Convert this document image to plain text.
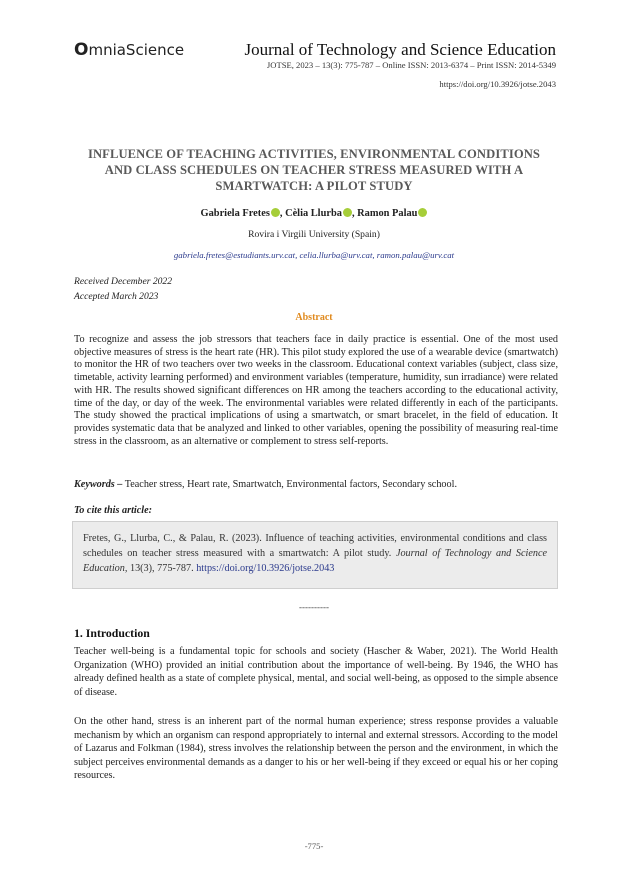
OmniaScience	Journal of Technology and Science Education
JOTSE, 2023 – 13(3): 775-787 – Online ISSN: 2013-6374 – Print ISSN: 2014-5349
https://doi.org/10.3926/jotse.2043
INFLUENCE OF TEACHING ACTIVITIES, ENVIRONMENTAL CONDITIONS AND CLASS SCHEDULES ON TEACHER STRESS MEASURED WITH A SMARTWATCH: A PILOT STUDY
Gabriela Fretes , Cèlia Llurba , Ramon Palau
Rovira i Virgili University (Spain)
gabriela.fretes@estudiants.urv.cat, celia.llurba@urv.cat, ramon.palau@urv.cat
Received December 2022
Accepted March 2023
Abstract
To recognize and assess the job stressors that teachers face in daily practice is essential. One of the most used objective measures of stress is the heart rate (HR). This pilot study explored the use of a wearable device (smartwatch) to monitor the HR of two teachers over two weeks in the classroom. Educational context variables (subject, class size, timetable, activity learning performed) and environment variables (temperature, humidity, sun irradiance) were related with HR. The results showed significant differences on HR among the teachers according to the educational activity, time of the day, or day of the week. The environmental variables were related differently in each of the participants. The study showed the practical implications of using a smartwatch, or smart bracelet, in the field of education. It provides systematic data that be analyzed and linked to other variables, opening the possibility of measuring real-time stress in the classroom, as an alternative or complement to stress self-reports.
Keywords – Teacher stress, Heart rate, Smartwatch, Environmental factors, Secondary school.
To cite this article:
Fretes, G., Llurba, C., & Palau, R. (2023). Influence of teaching activities, environmental conditions and class schedules on teacher stress measured with a smartwatch: A pilot study. Journal of Technology and Science Education, 13(3), 775-787. https://doi.org/10.3926/jotse.2043
----------
1. Introduction
Teacher well-being is a fundamental topic for schools and society (Hascher & Waber, 2021). The World Health Organization (WHO) provided an initial contribution about the importance of well-being. By 1946, the WHO has already defined health as a state of complete physical, mental, and social well-being, as opposed to the simple absence of disease.
On the other hand, stress is an inherent part of the normal human experience; stress response provides a valuable mechanism by which an organism can respond appropriately to internal and external stressors. According to the model of Lazarus and Folkman (1984), stress involves the relationship between the person and the environment, in which the subject perceives environmental demands as a danger to his or her well-being if they exceed or equal his or her coping resources.
-775-
